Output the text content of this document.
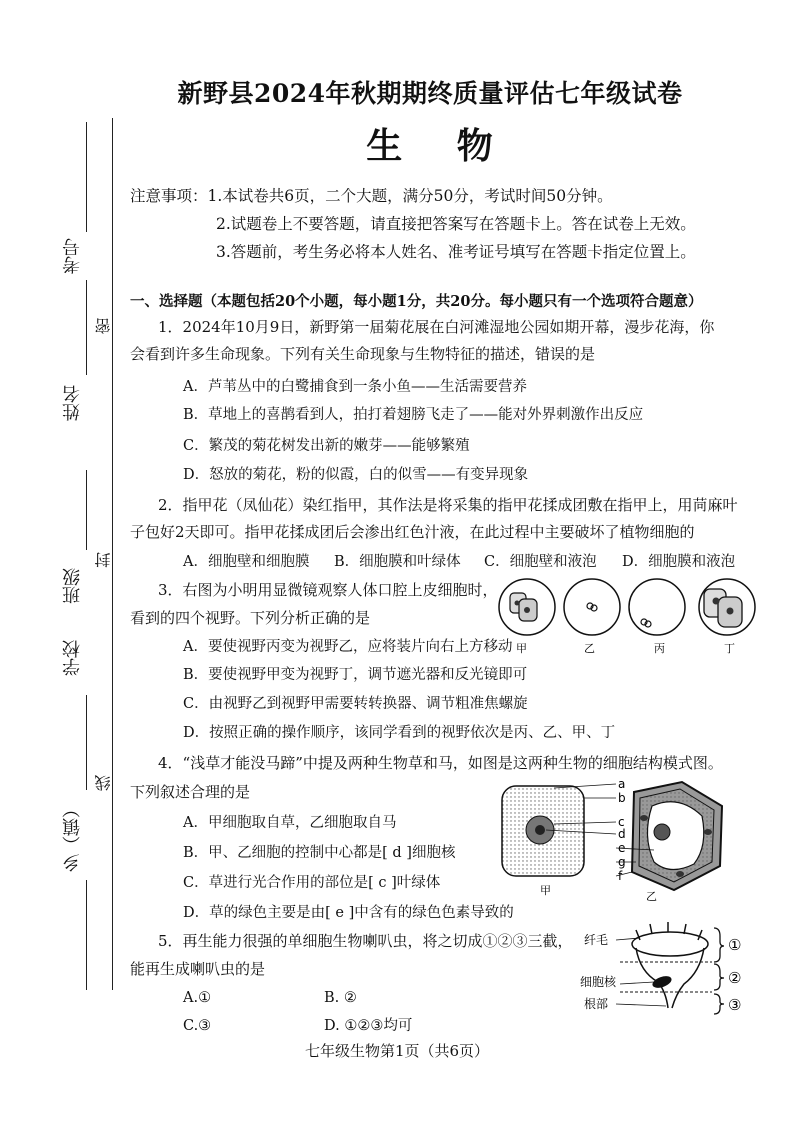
考号
密
姓名
封
班级
学校
线
乡（镇）
新野县2024年秋期期终质量评估七年级试卷
生 物
注意事项：1.本试卷共6页，二个大题，满分50分，考试时间50分钟。
2.试题卷上不要答题，请直接把答案写在答题卡上。答在试卷上无效。
3.答题前，考生务必将本人姓名、准考证号填写在答题卡指定位置上。
一、选择题（本题包括20个小题，每小题1分，共20分。每小题只有一个选项符合题意）
1．2024年10月9日，新野第一届菊花展在白河滩湿地公园如期开幕，漫步花海，你
会看到许多生命现象。下列有关生命现象与生物特征的描述，错误的是
A．芦苇丛中的白鹭捕食到一条小鱼——生活需要营养
B．草地上的喜鹊看到人，拍打着翅膀飞走了——能对外界刺激作出反应
C．繁茂的菊花树发出新的嫩芽——能够繁殖
D．怒放的菊花，粉的似霞，白的似雪——有变异现象
2．指甲花（凤仙花）染红指甲，其作法是将采集的指甲花揉成团敷在指甲上，用苘麻叶
子包好2天即可。指甲花揉成团后会渗出红色汁液，在此过程中主要破坏了植物细胞的
A．细胞壁和细胞膜 B．细胞膜和叶绿体 C．细胞壁和液泡 D．细胞膜和液泡
3．右图为小明用显微镜观察人体口腔上皮细胞时，
看到的四个视野。下列分析正确的是
A．要使视野丙变为视野乙，应将装片向右上方移动
B．要使视野甲变为视野丁，调节遮光器和反光镜即可
C．由视野乙到视野甲需要转转换器、调节粗准焦螺旋
D．按照正确的操作顺序，该同学看到的视野依次是丙、乙、甲、丁
甲	乙	丙	丁
4．“浅草才能没马蹄”中提及两种生物草和马，如图是这两种生物的细胞结构模式图。
下列叙述合理的是
A．甲细胞取自草，乙细胞取自马
B．甲、乙细胞的控制中心都是[ d ]细胞核
C．草进行光合作用的部位是[ c ]叶绿体
D．草的绿色主要是由[ e ]中含有的绿色色素导致的
甲	乙
a
b
c
d
e
g
f
5．再生能力很强的单细胞生物喇叭虫，将之切成①②③三截，
能再生成喇叭虫的是
A.①	B. ②
C.③	D. ①②③均可
纤毛
细胞核
根部
①
②
③
七年级生物第1页（共6页）
